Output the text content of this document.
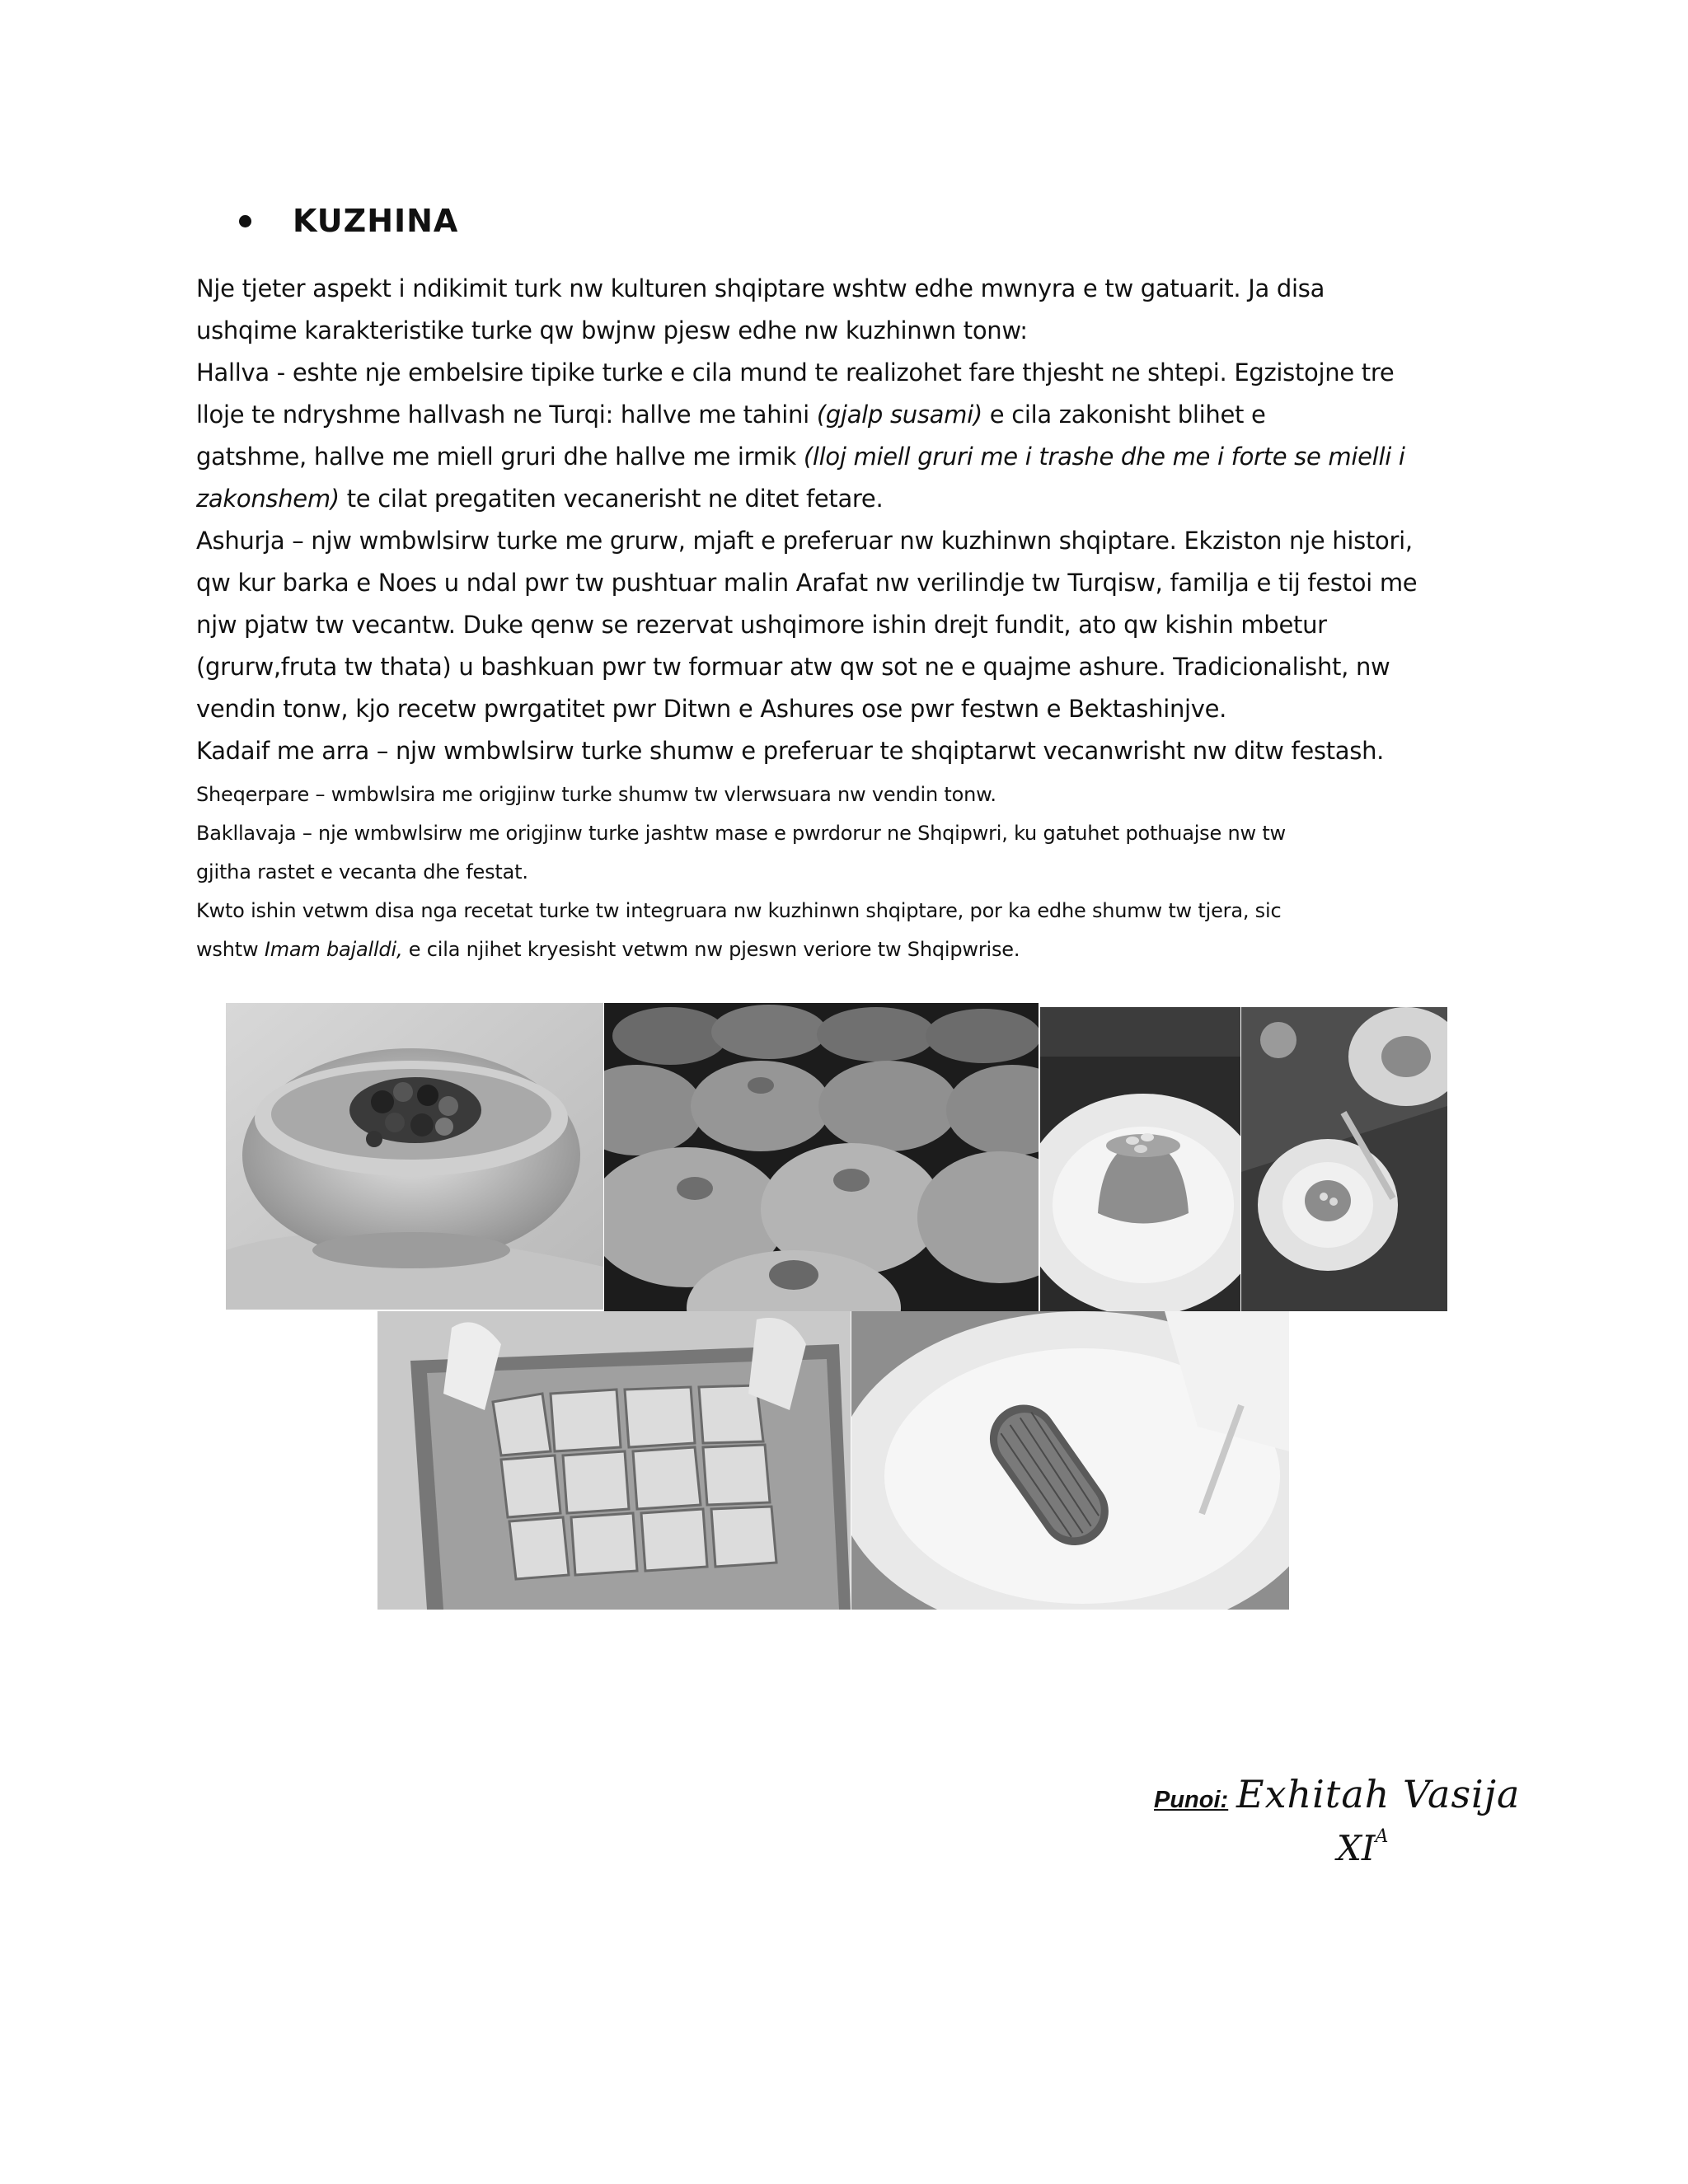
KUZHINA

Nje tjeter aspekt i ndikimit turk nw kulturen shqiptare wshtw edhe mwnyra e tw gatuarit. Ja disa

ushqime karakteristike turke qw bwjnw pjesw edhe nw kuzhinwn tonw:

Hallva - eshte nje embelsire tipike turke e cila mund te realizohet fare thjesht ne shtepi. Egzistojne tre

lloje te ndryshme hallvash ne Turqi: hallve me tahini (gjalp susami) e cila zakonisht blihet e

gatshme, hallve me miell gruri dhe hallve me irmik (lloj miell gruri me i trashe dhe me i forte se mielli i

zakonshem) te cilat pregatiten vecanerisht ne ditet fetare.

Ashurja – njw wmbwlsirw turke me grurw, mjaft e preferuar nw kuzhinwn shqiptare. Ekziston nje histori,

qw kur barka e Noes u ndal pwr tw pushtuar malin Arafat nw verilindje tw Turqisw, familja e tij festoi me

njw pjatw tw vecantw. Duke qenw se rezervat ushqimore ishin drejt fundit, ato qw kishin mbetur

(grurw,fruta tw thata) u bashkuan pwr tw formuar atw qw sot ne e quajme ashure. Tradicionalisht, nw

vendin tonw, kjo recetw pwrgatitet pwr Ditwn e Ashures ose pwr festwn e Bektashinjve.

Kadaif me arra – njw wmbwlsirw turke shumw e preferuar te shqiptarwt vecanwrisht nw ditw festash.

Sheqerpare – wmbwlsira me origjinw turke shumw tw vlerwsuara nw vendin tonw.

Bakllavaja – nje wmbwlsirw me origjinw turke jashtw mase e pwrdorur ne Shqipwri, ku gatuhet pothuajse nw tw

gjitha rastet e vecanta dhe festat.

Kwto ishin vetwm disa nga recetat turke tw integruara nw kuzhinwn shqiptare, por ka edhe shumw tw tjera, sic

wshtw Imam bajalldi, e cila njihet kryesisht vetwm nw pjeswn veriore tw Shqipwrise.

Punoi: Exhitah Vasija
$XI^A$
